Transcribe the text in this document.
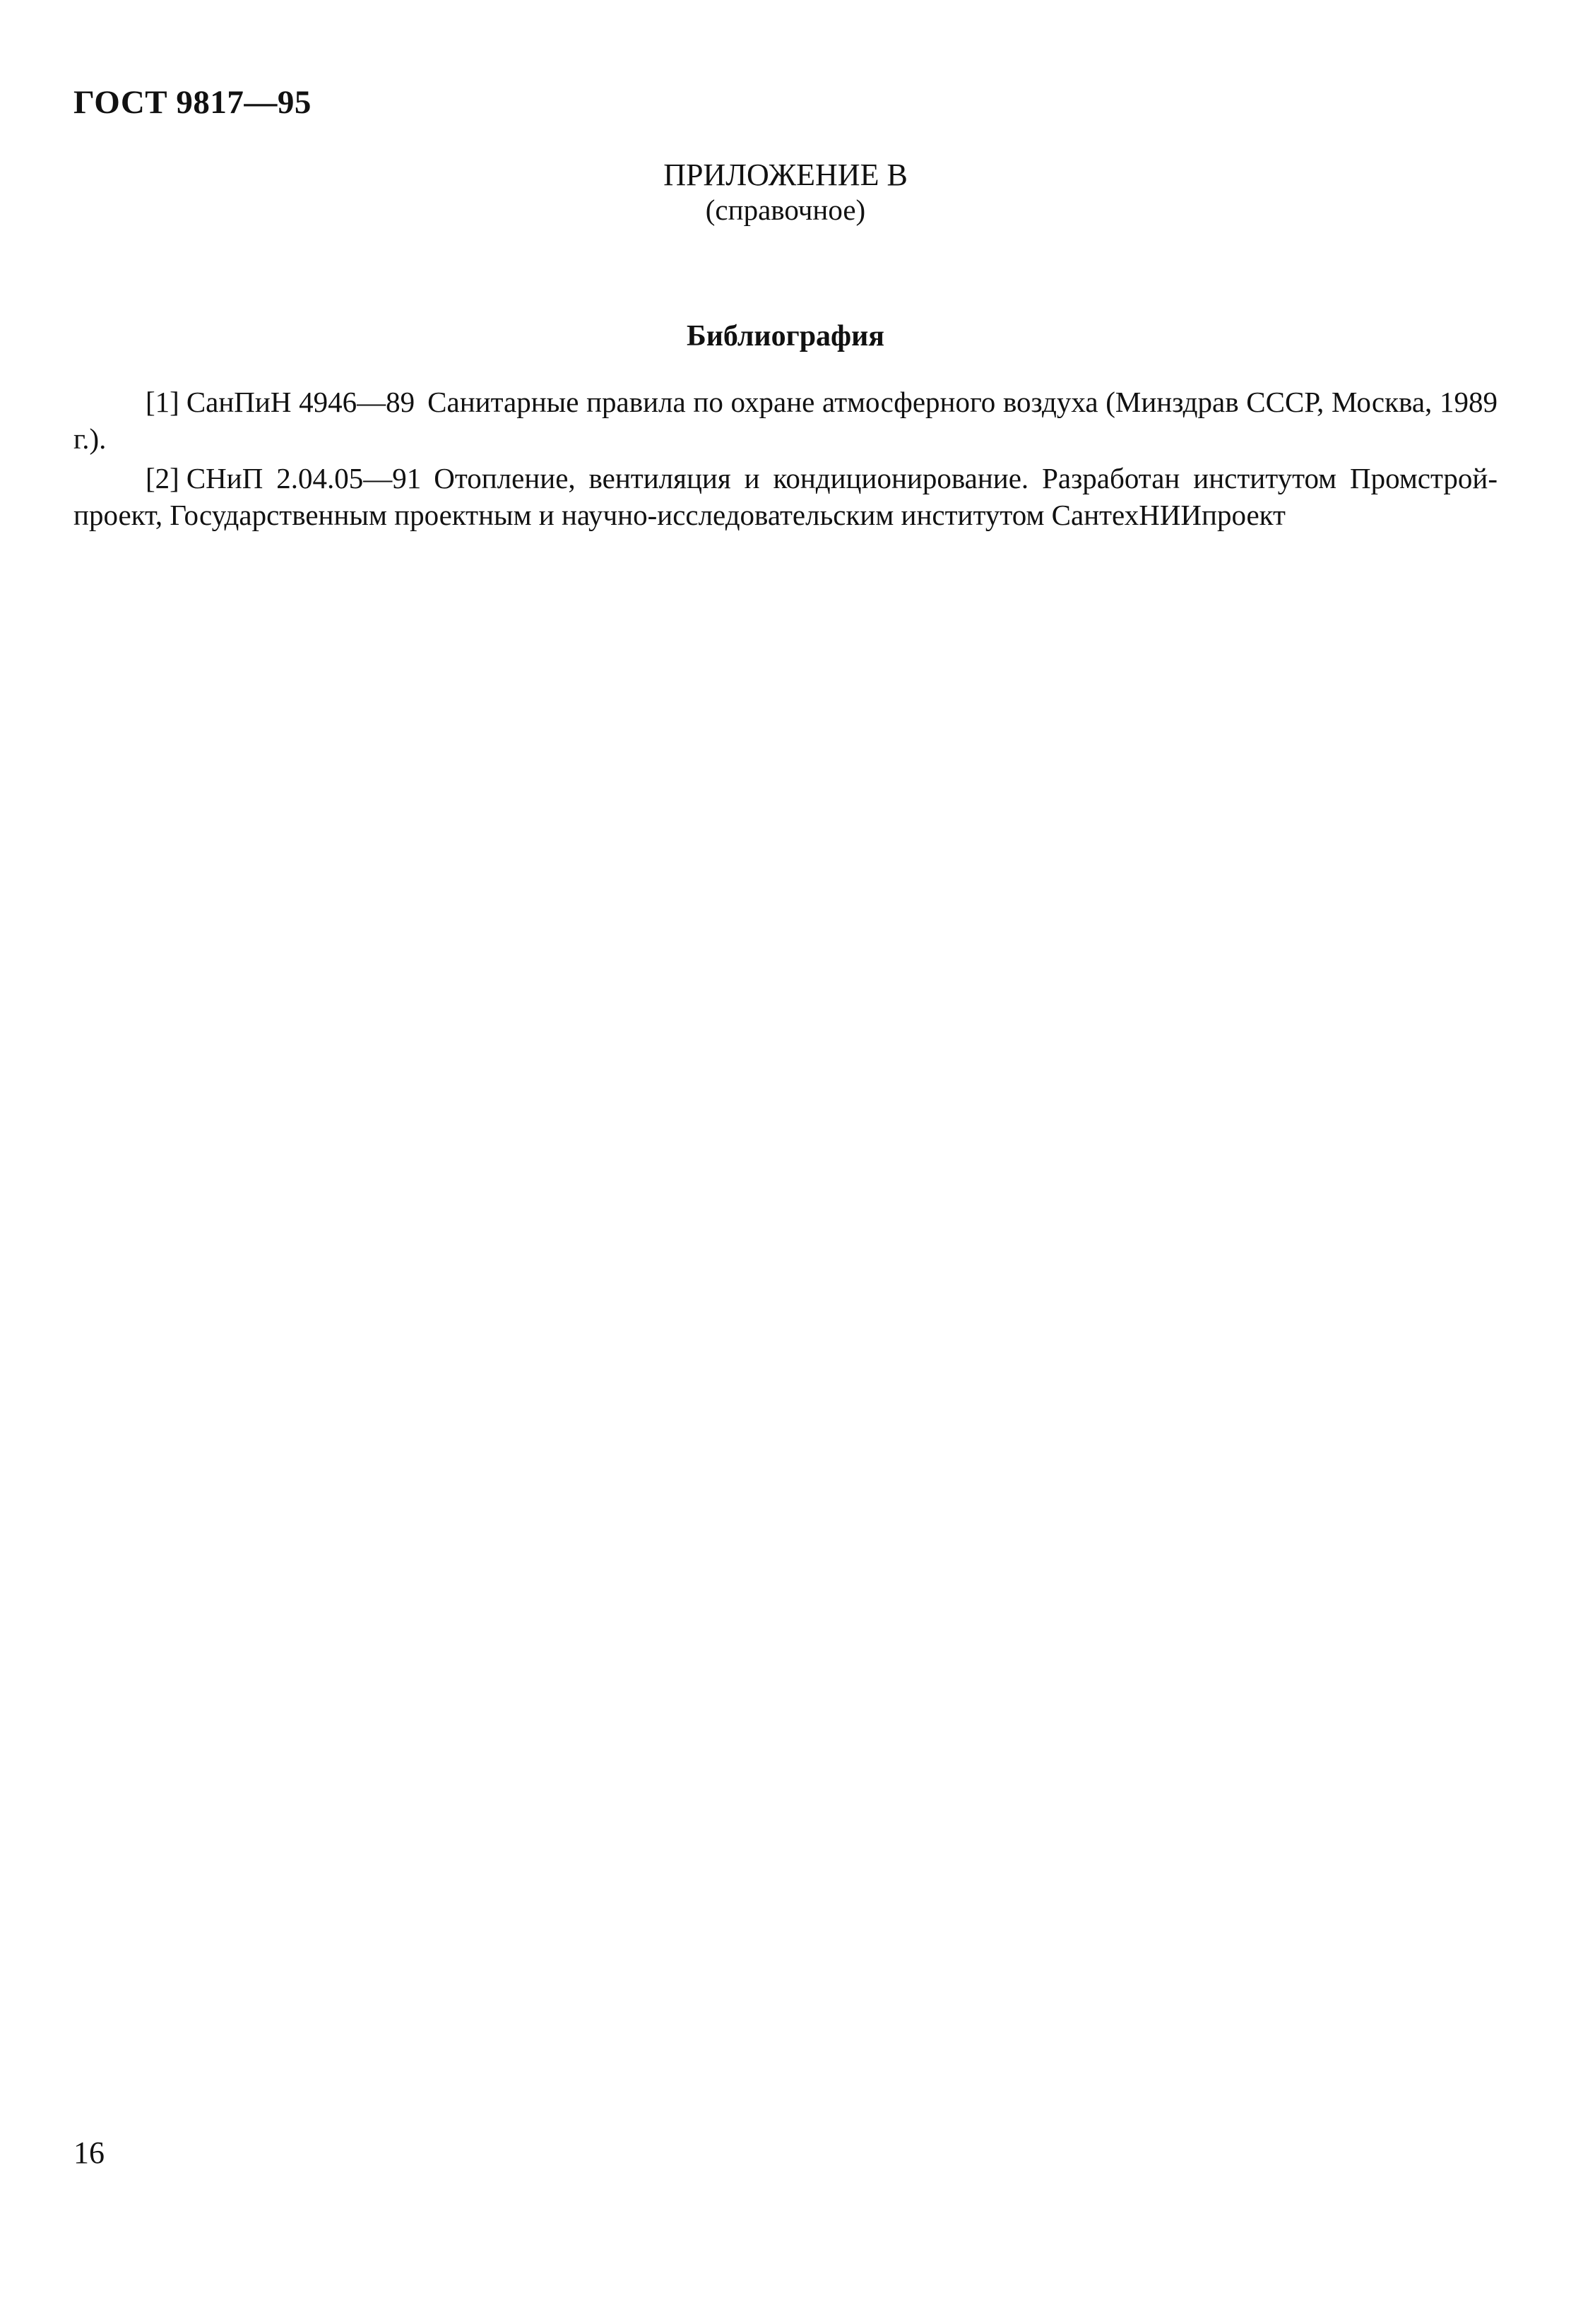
ГОСТ 9817—95
ПРИЛОЖЕНИЕ В
(справочное)
Библиография
[1] СанПиН 4946—89 Санитарные правила по охране атмосферного воздуха (Минздрав СССР, Москва, 1989 г.).
[2] СНиП 2.04.05—91 Отопление, вентиляция и кондиционирование. Разработан институтом Промстрой-проект, Государственным проектным и научно-исследовательским институтом СантехНИИпроект
16
